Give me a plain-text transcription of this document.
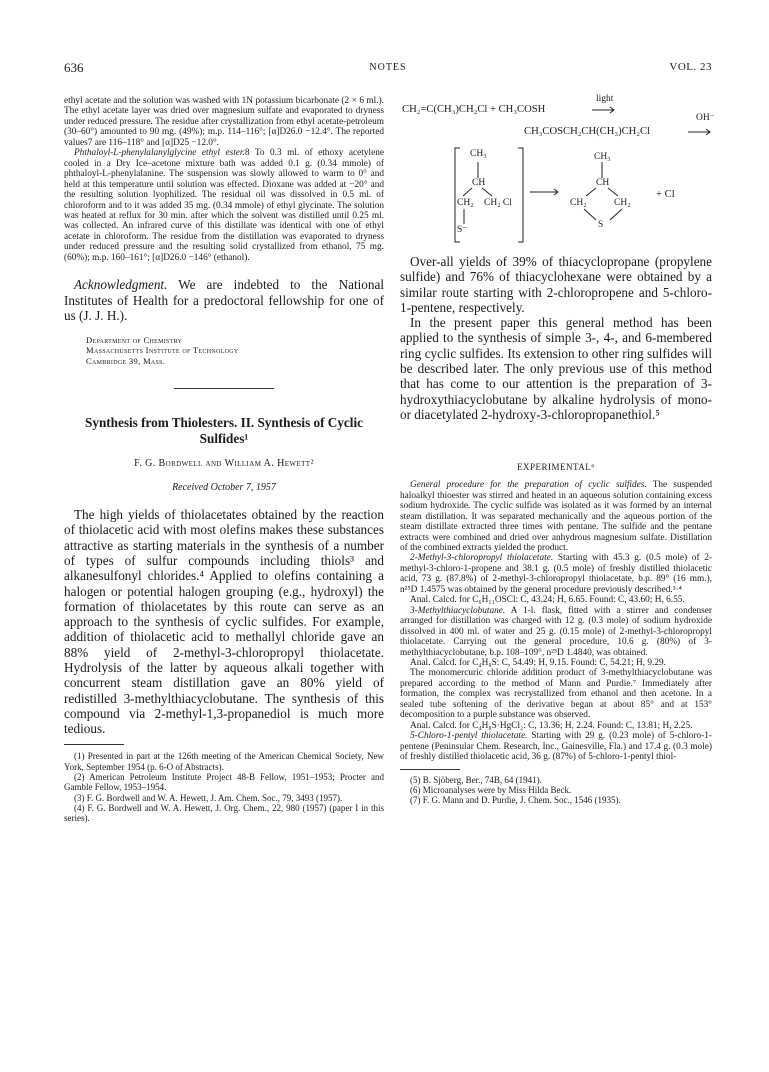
636	NOTES	VOL. 23

ethyl acetate and the solution was washed with 1N potassium bicarbonate (2 × 6 ml.). The ethyl acetate layer was dried over magnesium sulfate and evaporated to dryness under reduced pressure. The residue after crystallization from ethyl acetate-petroleum (30–60°) amounted to 90 mg. (49%); m.p. 114–116°; [α]D26.0 −12.4°. The reported values7 are 116–118° and [α]D25 −12.0°.

Phthaloyl-L-phenylalanylglycine ethyl ester.8 To 0.3 ml. of ethoxy acetylene cooled in a Dry Ice–acetone mixture bath was added 0.1 g. (0.34 mmole) of phthaloyl-L-phenylalanine. The suspension was slowly allowed to warm to 0° and held at this temperature until solution was effected. Dioxane was added at −20° and the resulting solution lyophilized. The residual oil was dissolved in 0.5 ml. of chloroform and to it was added 35 mg. (0.34 mmole) of ethyl glycinate. The solution was heated at reflux for 30 min. after which the solvent was distilled until 0.25 ml. was collected. An infrared curve of this distillate was identical with one of ethyl acetate in chloroform. The residue from the distillation was evaporated to dryness under reduced pressure and the resulting solid crystallized from ethanol, 75 mg. (60%); m.p. 160–161°; [α]D26.0 −146° (ethanol).

Acknowledgment. We are indebted to the National Institutes of Health for a predoctoral fellowship for one of us (J. J. H.).

Department of Chemistry
Massachusetts Institute of Technology
Cambridge 39, Mass.

Synthesis from Thiolesters. II. Synthesis of Cyclic Sulfides¹

F. G. Bordwell and William A. Hewett²
Received October 7, 1957

The high yields of thiolacetates obtained by the reaction of thiolacetic acid with most olefins makes these substances attractive as starting materials in the synthesis of a number of types of sulfur compounds including thiols³ and alkanesulfonyl chlorides.⁴ Applied to olefins containing a halogen or potential halogen grouping (e.g., hydroxyl) the formation of thiolacetates by this route can serve as an approach to the synthesis of cyclic sulfides. For example, addition of thiolacetic acid to methallyl chloride gave an 88% yield of 2-methyl-3-chloropropyl thiolacetate. Hydrolysis of the latter by aqueous alkali together with concurrent steam distillation gave an 80% yield of redistilled 3-methylthiacyclobutane. The synthesis of this compound via 2-methyl-1,3-propanediol is much more tedious.

(1) Presented in part at the 126th meeting of the American Chemical Society, New York, September 1954 (p. 6-O of Abstracts).

(2) American Petroleum Institute Project 48-B Fellow, 1951–1953; Procter and Gamble Fellow, 1953–1954.

(3) F. G. Bordwell and W. A. Hewett, J. Am. Chem. Soc., 79, 3493 (1957).

(4) F. G. Bordwell and W. A. Hewett, J. Org. Chem., 22, 980 (1957) (paper I in this series).

CH₂=C(CH₃)CH₂Cl + CH₃COSH
light
OH⁻
CH₃COSCH₂CH(CH₃)CH₂Cl
CH₃
CH
CH₂ CH₂ Cl
S⁻
CH₃
CH
CH₂	CH₂
S
+ Cl

Over-all yields of 39% of thiacyclopropane (propylene sulfide) and 76% of thiacyclohexane were obtained by a similar route starting with 2-chloropropene and 5-chloro-1-pentene, respectively.

In the present paper this general method has been applied to the synthesis of simple 3-, 4-, and 6-membered ring cyclic sulfides. Its extension to other ring sulfides will be described later. The only previous use of this method that has come to our attention is the preparation of 3-hydroxythiacyclobutane by alkaline hydrolysis of mono- or diacetylated 2-hydroxy-3-chloropropanethiol.⁵

EXPERIMENTAL⁶

General procedure for the preparation of cyclic sulfides. The suspended haloalkyl thioester was stirred and heated in an aqueous solution containing excess sodium hydroxide. The cyclic sulfide was isolated as it was formed by an internal steam distillation. It was separated mechanically and the aqueous portion of the steam distillate extracted three times with pentane. The sulfide and the pentane extracts were combined and dried over anhydrous magnesium sulfate. Distillation of the combined extracts yielded the product.

2-Methyl-3-chloropropyl thiolacetate. Starting with 45.3 g. (0.5 mole) of 2-methyl-3-chloro-1-propene and 38.1 g. (0.5 mole) of freshly distilled thiolacetic acid, 73 g. (87.8%) of 2-methyl-3-chloropropyl thiolacetate, b.p. 89° (16 mm.), n²⁵D 1.4575 was obtained by the general procedure previously described.³·⁴

Anal. Calcd. for C₆H₁₁OSCl: C, 43.24; H, 6.65. Found: C, 43.60; H, 6.55.

3-Methylthiacyclobutane. A 1-l. flask, fitted with a stirrer and condenser arranged for distillation was charged with 12 g. (0.3 mole) of sodium hydroxide dissolved in 400 ml. of water and 25 g. (0.15 mole) of 2-methyl-3-chloropropyl thiolacetate. Carrying out the general procedure, 10.6 g. (80%) of 3-methylthiacyclobutane, b.p. 108–109°, n²⁵D 1.4840, was obtained.

Anal. Calcd. for C₄H₈S: C, 54.49; H, 9.15. Found: C, 54.21; H, 9.29.

The monomercuric chloride addition product of 3-methylthiacyclobutane was prepared according to the method of Mann and Purdie.⁷ Immediately after formation, the complex was recrystallized from ethanol and then acetone. In a sealed tube softening of the derivative began at about 85° and at 153° decomposition to a purple substance was observed.

Anal. Calcd. for C₄H₈S·HgCl₂: C, 13.36; H, 2.24. Found: C, 13.81; H, 2.25.

5-Chloro-1-pentyl thiolacetate. Starting with 29 g. (0.23 mole) of 5-chloro-1-pentene (Peninsular Chem. Research, Inc., Gainesville, Fla.) and 17.4 g. (0.3 mole) of freshly distilled thiolacetic acid, 36 g. (87%) of 5-chloro-1-pentyl thiol-

(5) B. Sjöberg, Ber., 74B, 64 (1941).

(6) Microanalyses were by Miss Hilda Beck.

(7) F. G. Mann and D. Purdie, J. Chem. Soc., 1546 (1935).
